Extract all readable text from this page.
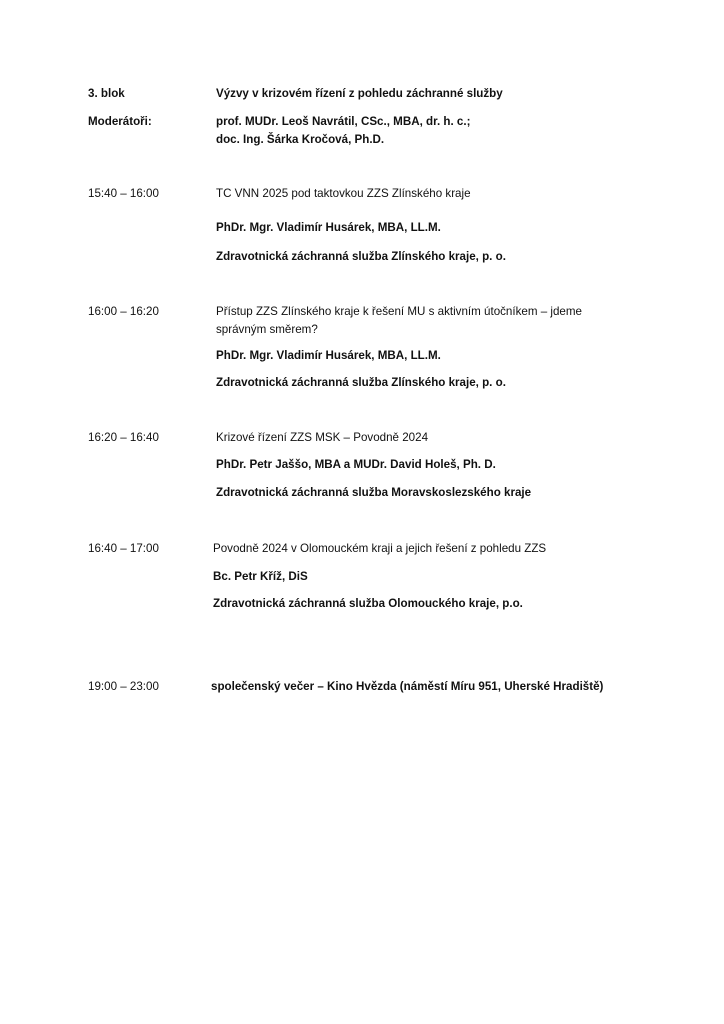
3. blok	Výzvy v krizovém řízení z pohledu záchranné služby
Moderátoři:	prof. MUDr. Leoš Navrátil, CSc., MBA, dr. h. c.;
doc. Ing. Šárka Kročová, Ph.D.
15:40 – 16:00	TC VNN 2025 pod taktovkou ZZS Zlínského kraje
PhDr. Mgr. Vladimír Husárek, MBA, LL.M.
Zdravotnická záchranná služba Zlínského kraje, p. o.
16:00 – 16:20	Přístup ZZS Zlínského kraje k řešení MU s aktivním útočníkem – jdeme
správným směrem?
PhDr. Mgr. Vladimír Husárek, MBA, LL.M.
Zdravotnická záchranná služba Zlínského kraje, p. o.
16:20 – 16:40	Krizové řízení ZZS MSK – Povodně 2024
PhDr. Petr Jaššo, MBA a MUDr. David Holeš, Ph. D.
Zdravotnická záchranná služba Moravskoslezského kraje
16:40 – 17:00	Povodně 2024 v Olomouckém kraji a jejich řešení z pohledu ZZS
Bc. Petr Kříž, DiS
Zdravotnická záchranná služba Olomouckého kraje, p.o.
19:00 – 23:00	společenský večer – Kino Hvězda (náměstí Míru 951, Uherské Hradiště)
